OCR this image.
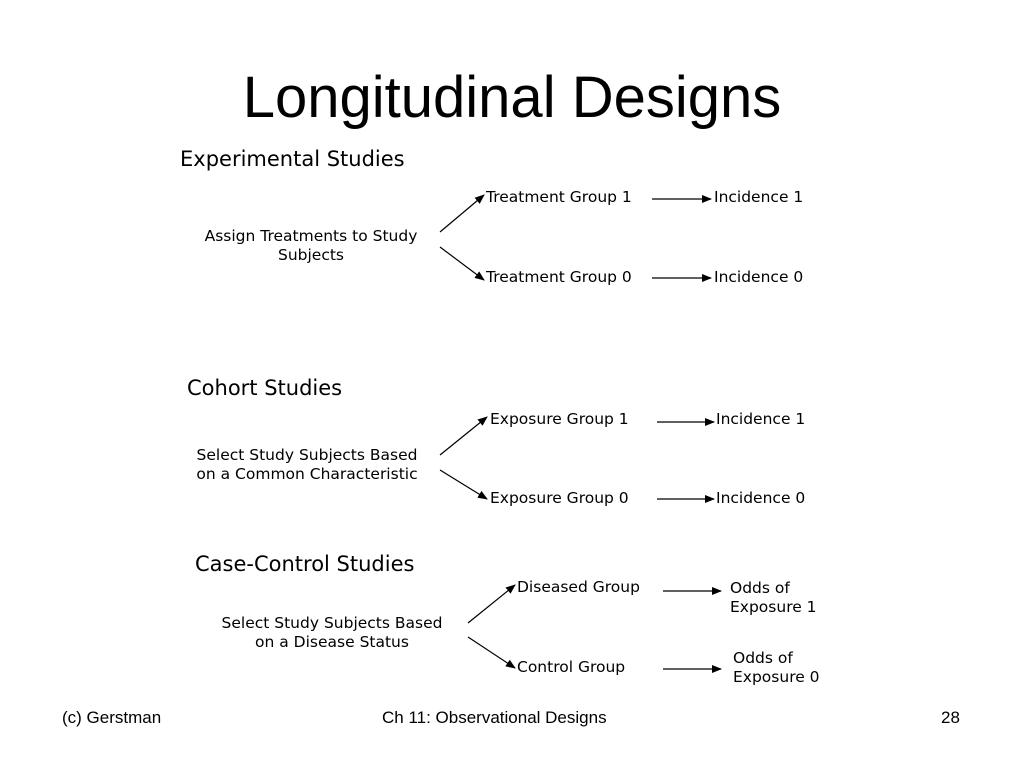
Longitudinal Designs
Experimental Studies
Assign Treatments to Study
Subjects
Treatment Group 1	Incidence 1
Treatment Group 0	Incidence 0
Cohort Studies
Select Study Subjects Based
on a Common Characteristic
Exposure Group 1	Incidence 1
Exposure Group 0	Incidence 0
Case-Control Studies
Select Study Subjects Based
on a Disease Status
Diseased Group	Odds of
Exposure 1
Control Group	Odds of
Exposure 0
(c) Gerstman	Ch 11: Observational Designs	28
